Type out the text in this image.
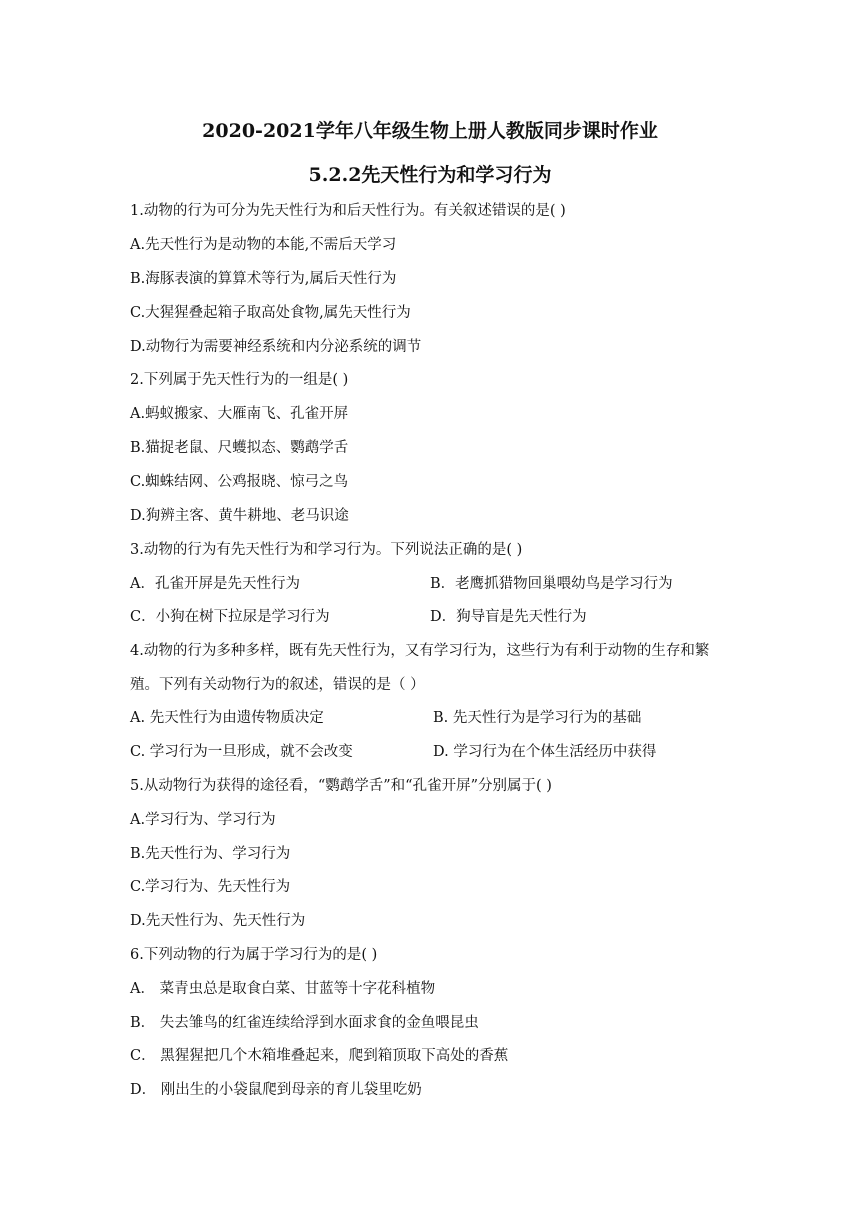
2020-2021学年八年级生物上册人教版同步课时作业
5.2.2先天性行为和学习行为
1.动物的行为可分为先天性行为和后天性行为。有关叙述错误的是( )
A.先天性行为是动物的本能,不需后天学习
B.海豚表演的算算术等行为,属后天性行为
C.大猩猩叠起箱子取高处食物,属先天性行为
D.动物行为需要神经系统和内分泌系统的调节
2.下列属于先天性行为的一组是( )
A.蚂蚁搬家、大雁南飞、孔雀开屏
B.猫捉老鼠、尺蠖拟态、鹦鹉学舌
C.蜘蛛结网、公鸡报晓、惊弓之鸟
D.狗辨主客、黄牛耕地、老马识途
3.动物的行为有先天性行为和学习行为。下列说法正确的是( )
A．孔雀开屏是先天性行为	B．老鹰抓猎物回巢喂幼鸟是学习行为
C．小狗在树下拉尿是学习行为	D．狗导盲是先天性行为
4.动物的行为多种多样，既有先天性行为，又有学习行为，这些行为有利于动物的生存和繁
殖。下列有关动物行为的叙述，错误的是（ ）
A. 先天性行为由遗传物质决定	B. 先天性行为是学习行为的基础
C. 学习行为一旦形成，就不会改变	D. 学习行为在个体生活经历中获得
5.从动物行为获得的途径看，“鹦鹉学舌”和“孔雀开屏”分别属于( )
A.学习行为、学习行为
B.先天性行为、学习行为
C.学习行为、先天性行为
D.先天性行为、先天性行为
6.下列动物的行为属于学习行为的是( )
A． 菜青虫总是取食白菜、甘蓝等十字花科植物
B． 失去雏鸟的红雀连续给浮到水面求食的金鱼喂昆虫
C． 黑猩猩把几个木箱堆叠起来，爬到箱顶取下高处的香蕉
D． 刚出生的小袋鼠爬到母亲的育儿袋里吃奶
